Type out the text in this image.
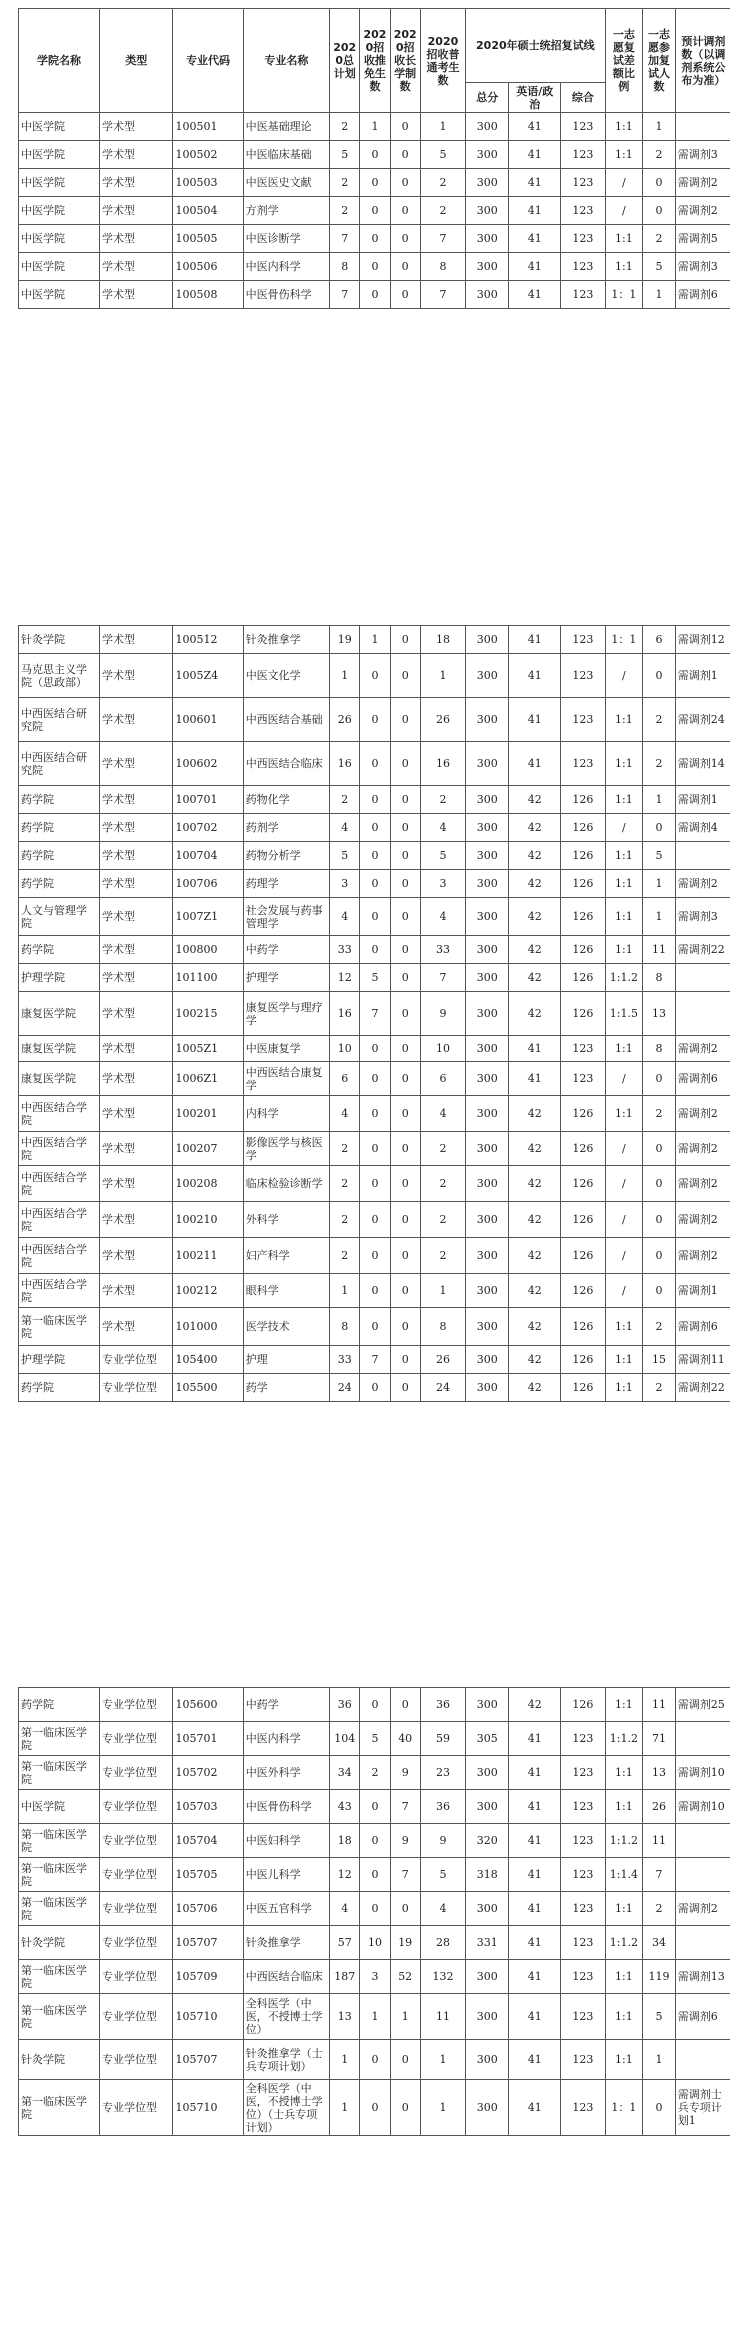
学院名称	类型	专业代码	专业名称	2020总计划	2020招收推免生数	2020招收长学制数	2020招收普通考生数	2020年硕士统招复试线			一志愿复试差额比例	一志愿参加复试人数	预计调剂数（以调剂系统公布为准）
								总分	英语/政治	综合			
中医学院	学术型	100501	中医基础理论	2	1	0	1	300	41	123	1:1	1	
中医学院	学术型	100502	中医临床基础	5	0	0	5	300	41	123	1:1	2	需调剂3
中医学院	学术型	100503	中医医史文献	2	0	0	2	300	41	123	/	0	需调剂2
中医学院	学术型	100504	方剂学	2	0	0	2	300	41	123	/	0	需调剂2
中医学院	学术型	100505	中医诊断学	7	0	0	7	300	41	123	1:1	2	需调剂5
中医学院	学术型	100506	中医内科学	8	0	0	8	300	41	123	1:1	5	需调剂3
中医学院	学术型	100508	中医骨伤科学	7	0	0	7	300	41	123	1：1	1	需调剂6
针灸学院	学术型	100512	针灸推拿学	19	1	0	18	300	41	123	1：1	6	需调剂12
马克思主义学院（思政部）	学术型	1005Z4	中医文化学	1	0	0	1	300	41	123	/	0	需调剂1
中西医结合研究院	学术型	100601	中西医结合基础	26	0	0	26	300	41	123	1:1	2	需调剂24
中西医结合研究院	学术型	100602	中西医结合临床	16	0	0	16	300	41	123	1:1	2	需调剂14
药学院	学术型	100701	药物化学	2	0	0	2	300	42	126	1:1	1	需调剂1
药学院	学术型	100702	药剂学	4	0	0	4	300	42	126	/	0	需调剂4
药学院	学术型	100704	药物分析学	5	0	0	5	300	42	126	1:1	5	
药学院	学术型	100706	药理学	3	0	0	3	300	42	126	1:1	1	需调剂2
人文与管理学院	学术型	1007Z1	社会发展与药事管理学	4	0	0	4	300	42	126	1:1	1	需调剂3
药学院	学术型	100800	中药学	33	0	0	33	300	42	126	1:1	11	需调剂22
护理学院	学术型	101100	护理学	12	5	0	7	300	42	126	1:1.2	8	
康复医学院	学术型	100215	康复医学与理疗学	16	7	0	9	300	42	126	1:1.5	13	
康复医学院	学术型	1005Z1	中医康复学	10	0	0	10	300	41	123	1:1	8	需调剂2
康复医学院	学术型	1006Z1	中西医结合康复学	6	0	0	6	300	41	123	/	0	需调剂6
中西医结合学院	学术型	100201	内科学	4	0	0	4	300	42	126	1:1	2	需调剂2
中西医结合学院	学术型	100207	影像医学与核医学	2	0	0	2	300	42	126	/	0	需调剂2
中西医结合学院	学术型	100208	临床检验诊断学	2	0	0	2	300	42	126	/	0	需调剂2
中西医结合学院	学术型	100210	外科学	2	0	0	2	300	42	126	/	0	需调剂2
中西医结合学院	学术型	100211	妇产科学	2	0	0	2	300	42	126	/	0	需调剂2
中西医结合学院	学术型	100212	眼科学	1	0	0	1	300	42	126	/	0	需调剂1
第一临床医学院	学术型	101000	医学技术	8	0	0	8	300	42	126	1:1	2	需调剂6
护理学院	专业学位型	105400	护理	33	7	0	26	300	42	126	1:1	15	需调剂11
药学院	专业学位型	105500	药学	24	0	0	24	300	42	126	1:1	2	需调剂22
药学院	专业学位型	105600	中药学	36	0	0	36	300	42	126	1:1	11	需调剂25
第一临床医学院	专业学位型	105701	中医内科学	104	5	40	59	305	41	123	1:1.2	71	
第一临床医学院	专业学位型	105702	中医外科学	34	2	9	23	300	41	123	1:1	13	需调剂10
中医学院	专业学位型	105703	中医骨伤科学	43	0	7	36	300	41	123	1:1	26	需调剂10
第一临床医学院	专业学位型	105704	中医妇科学	18	0	9	9	320	41	123	1:1.2	11	
第一临床医学院	专业学位型	105705	中医儿科学	12	0	7	5	318	41	123	1:1.4	7	
第一临床医学院	专业学位型	105706	中医五官科学	4	0	0	4	300	41	123	1:1	2	需调剂2
针灸学院	专业学位型	105707	针灸推拿学	57	10	19	28	331	41	123	1:1.2	34	
第一临床医学院	专业学位型	105709	中西医结合临床	187	3	52	132	300	41	123	1:1	119	需调剂13
第一临床医学院	专业学位型	105710	全科医学（中医，不授博士学位）	13	1	1	11	300	41	123	1:1	5	需调剂6
针灸学院	专业学位型	105707	针灸推拿学（士兵专项计划）	1	0	0	1	300	41	123	1:1	1	
第一临床医学院	专业学位型	105710	全科医学（中医，不授博士学位）（士兵专项计划）	1	0	0	1	300	41	123	1：1	0	需调剂士兵专项计划1
